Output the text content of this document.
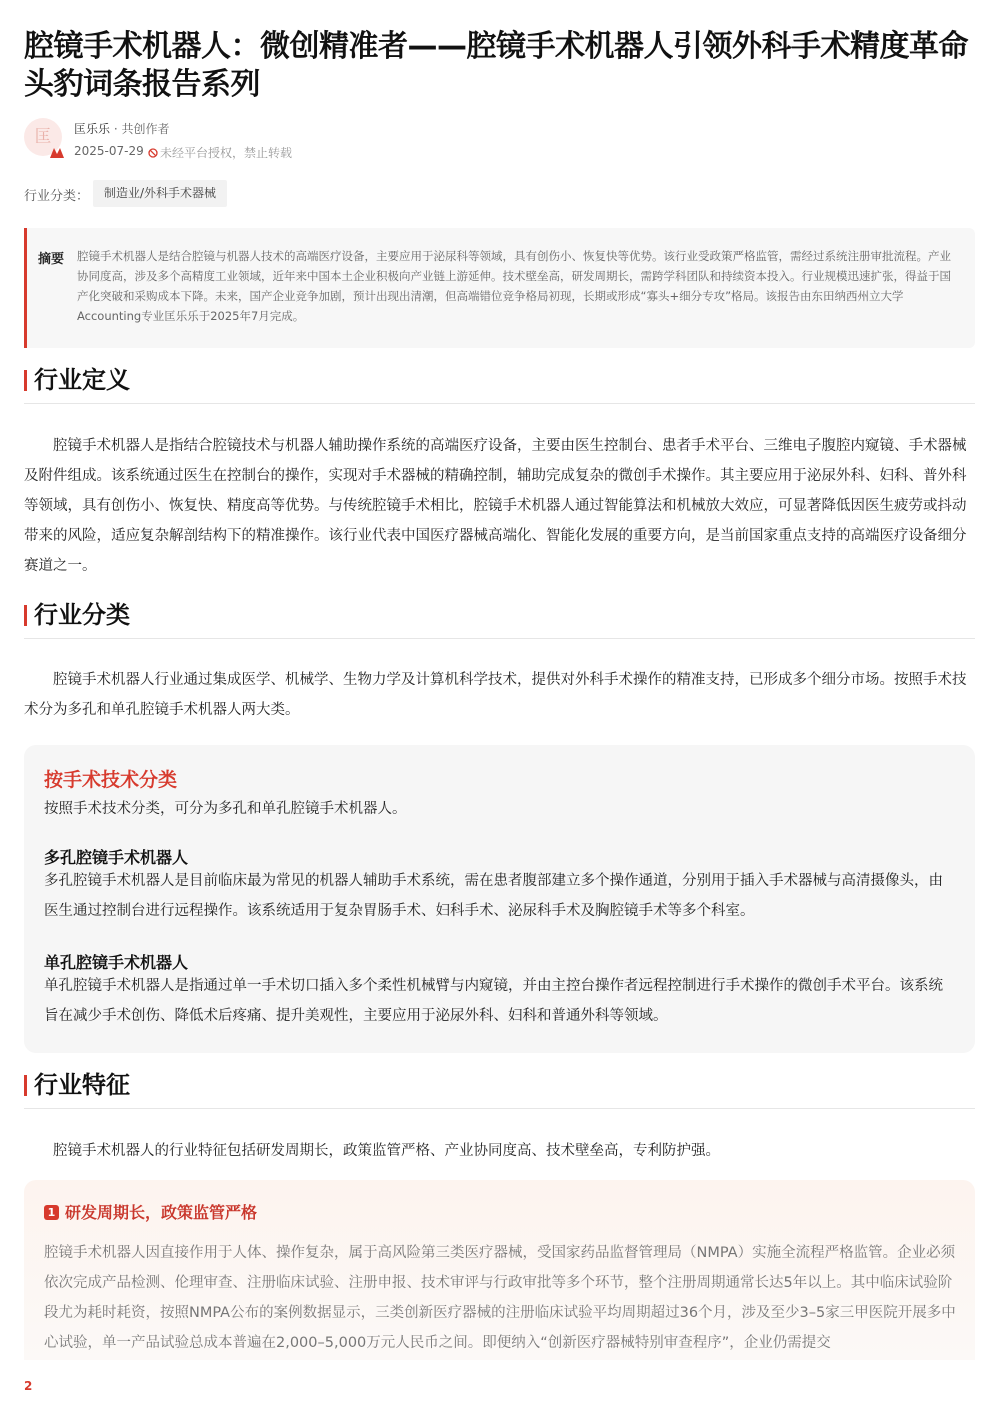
腔镜手术机器人：微创精准者——腔镜手术机器人引领外科手术精度革命　头豹词条报告系列
匡	匡乐乐 · 共创作者
2025-07-29	未经平台授权，禁止转载
行业分类：	制造业/外科手术器械
摘要 腔镜手术机器人是结合腔镜与机器人技术的高端医疗设备，主要应用于泌尿科等领域，具有创伤小、恢复快等优势。该行业受政策严格监管，需经过系统注册审批流程。产业协同度高，涉及多个高精度工业领域，近年来中国本土企业积极向产业链上游延伸。技术壁垒高，研发周期长，需跨学科团队和持续资本投入。行业规模迅速扩张，得益于国产化突破和采购成本下降。未来，国产企业竞争加剧，预计出现出清潮，但高端错位竞争格局初现，长期或形成“寡头+细分专攻”格局。该报告由东田纳西州立大学Accounting专业匡乐乐于2025年7月完成。

行业定义

腔镜手术机器人是指结合腔镜技术与机器人辅助操作系统的高端医疗设备，主要由医生控制台、患者手术平台、三维电子腹腔内窥镜、手术器械及附件组成。该系统通过医生在控制台的操作，实现对手术器械的精确控制，辅助完成复杂的微创手术操作。其主要应用于泌尿外科、妇科、普外科等领域，具有创伤小、恢复快、精度高等优势。与传统腔镜手术相比，腔镜手术机器人通过智能算法和机械放大效应，可显著降低因医生疲劳或抖动带来的风险，适应复杂解剖结构下的精准操作。该行业代表中国医疗器械高端化、智能化发展的重要方向，是当前国家重点支持的高端医疗设备细分赛道之一。

行业分类

腔镜手术机器人行业通过集成医学、机械学、生物力学及计算机科学技术，提供对外科手术操作的精准支持，已形成多个细分市场。按照手术技术分为多孔和单孔腔镜手术机器人两大类。

按手术技术分类
按照手术技术分类，可分为多孔和单孔腔镜手术机器人。
多孔腔镜手术机器人

多孔腔镜手术机器人是目前临床最为常见的机器人辅助手术系统，需在患者腹部建立多个操作通道，分别用于插入手术器械与高清摄像头，由医生通过控制台进行远程操作。该系统适用于复杂胃肠手术、妇科手术、泌尿科手术及胸腔镜手术等多个科室。

单孔腔镜手术机器人

单孔腔镜手术机器人是指通过单一手术切口插入多个柔性机械臂与内窥镜，并由主控台操作者远程控制进行手术操作的微创手术平台。该系统旨在减少手术创伤、降低术后疼痛、提升美观性，主要应用于泌尿外科、妇科和普通外科等领域。

行业特征

腔镜手术机器人的行业特征包括研发周期长，政策监管严格、产业协同度高、技术壁垒高，专利防护强。

1 研发周期长，政策监管严格

腔镜手术机器人因直接作用于人体、操作复杂，属于高风险第三类医疗器械，受国家药品监督管理局（NMPA）实施全流程严格监管。企业必须依次完成产品检测、伦理审查、注册临床试验、注册申报、技术审评与行政审批等多个环节，整个注册周期通常长达5年以上。其中临床试验阶段尤为耗时耗资，按照NMPA公布的案例数据显示，三类创新医疗器械的注册临床试验平均周期超过36个月，涉及至少3–5家三甲医院开展多中心试验，单一产品试验总成本普遍在2,000–5,000万元人民币之间。即便纳入“创新医疗器械特别审查程序”，企业仍需提交

2
